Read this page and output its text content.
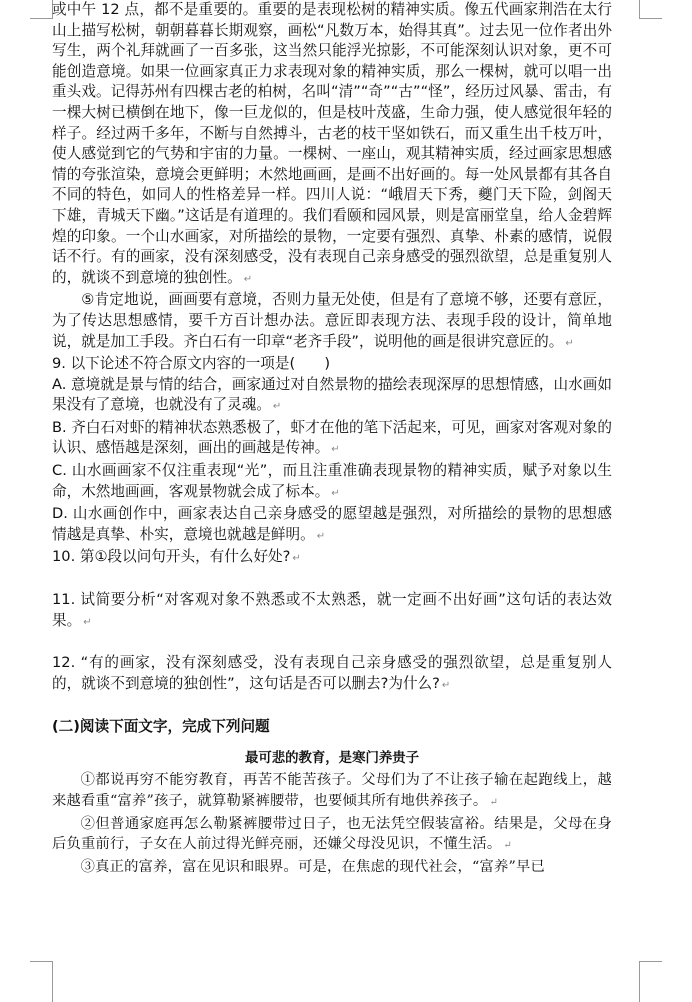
或中午 12 点，都不是重要的。重要的是表现松树的精神实质。像五代画家荆浩在太行山上描写松树，朝朝暮暮长期观察，画松“凡数万本，始得其真”。过去见一位作者出外写生，两个礼拜就画了一百多张，这当然只能浮光掠影，不可能深刻认识对象，更不可能创造意境。如果一位画家真正力求表现对象的精神实质，那么一棵树，就可以唱一出重头戏。记得苏州有四棵古老的柏树，名叫“清”“奇”“古”“怪”，经历过风暴、雷击，有一棵大树已横倒在地下，像一巨龙似的，但是枝叶茂盛，生命力强，使人感觉很年轻的样子。经过两千多年，不断与自然搏斗，古老的枝干坚如铁石，而又重生出千枝万叶，使人感觉到它的气势和宇宙的力量。一棵树、一座山，观其精神实质，经过画家思想感情的夸张渲染，意境会更鲜明；木然地画画，是画不出好画的。每一处风景都有其各自不同的特色，如同人的性格差异一样。四川人说：“峨眉天下秀，夔门天下险，剑阁天下雄，青城天下幽。”这话是有道理的。我们看颐和园风景，则是富丽堂皇，给人金碧辉煌的印象。一个山水画家，对所描绘的景物，一定要有强烈、真挚、朴素的感情，说假话不行。有的画家，没有深刻感受，没有表现自己亲身感受的强烈欲望，总是重复别人的，就谈不到意境的独创性。 ↵

⑤肯定地说，画画要有意境，否则力量无处使，但是有了意境不够，还要有意匠，为了传达思想感情，要千方百计想办法。意匠即表现方法、表现手段的设计，简单地说，就是加工手段。齐白石有一印章“老齐手段”，说明他的画是很讲究意匠的。 ↵

9. 以下论述不符合原文内容的一项是(　　)

A. 意境就是景与情的结合，画家通过对自然景物的描绘表现深厚的思想情感，山水画如果没有了意境，也就没有了灵魂。 ↵

B. 齐白石对虾的精神状态熟悉极了，虾才在他的笔下活起来，可见，画家对客观对象的认识、感悟越是深刻，画出的画越是传神。 ↵

C. 山水画画家不仅注重表现“光”，而且注重准确表现景物的精神实质，赋予对象以生命，木然地画画，客观景物就会成了标本。 ↵

D. 山水画创作中，画家表达自己亲身感受的愿望越是强烈，对所描绘的景物的思想感情越是真挚、朴实，意境也就越是鲜明。 ↵

10. 第①段以问句开头，有什么好处? ↵

11. 试简要分析“对客观对象不熟悉或不太熟悉，就一定画不出好画”这句话的表达效果。 ↵

12. “有的画家，没有深刻感受，没有表现自己亲身感受的强烈欲望，总是重复别人的，就谈不到意境的独创性”，这句话是否可以删去?为什么? ↵

(二)阅读下面文字，完成下列问题

最可悲的教育，是寒门养贵子

①都说再穷不能穷教育，再苦不能苦孩子。父母们为了不让孩子输在起跑线上，越来越看重“富养”孩子，就算勒紧裤腰带，也要倾其所有地供养孩子。 ↵

②但普通家庭再怎么勒紧裤腰带过日子，也无法凭空假装富裕。结果是，父母在身后负重前行，子女在人前过得光鲜亮丽，还嫌父母没见识，不懂生活。 ↵

③真正的富养，富在见识和眼界。可是，在焦虑的现代社会，“富养”早已
